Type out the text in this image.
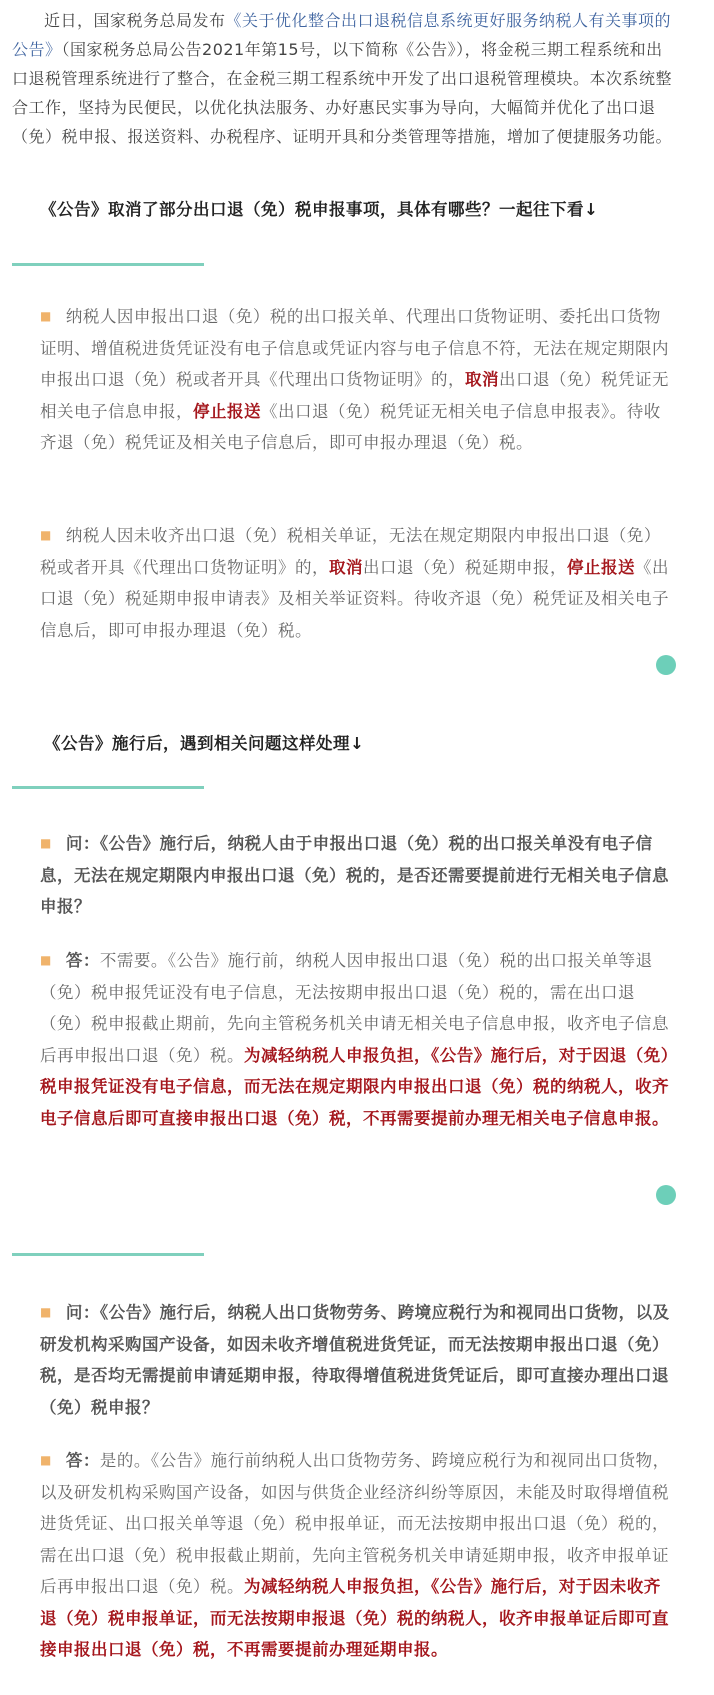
近日，国家税务总局发布《关于优化整合出口退税信息系统更好服务纳税人有关事项的公告》（国家税务总局公告2021年第15号，以下简称《公告》），将金税三期工程系统和出口退税管理系统进行了整合，在金税三期工程系统中开发了出口退税管理模块。本次系统整合工作，坚持为民便民，以优化执法服务、办好惠民实事为导向，大幅简并优化了出口退（免）税申报、报送资料、办税程序、证明开具和分类管理等措施，增加了便捷服务功能。
《公告》取消了部分出口退（免）税申报事项，具体有哪些？一起往下看↓
■ 纳税人因申报出口退（免）税的出口报关单、代理出口货物证明、委托出口货物证明、增值税进货凭证没有电子信息或凭证内容与电子信息不符，无法在规定期限内申报出口退（免）税或者开具《代理出口货物证明》的，取消出口退（免）税凭证无相关电子信息申报，停止报送《出口退（免）税凭证无相关电子信息申报表》。待收齐退（免）税凭证及相关电子信息后，即可申报办理退（免）税。
■ 纳税人因未收齐出口退（免）税相关单证，无法在规定期限内申报出口退（免）税或者开具《代理出口货物证明》的，取消出口退（免）税延期申报，停止报送《出口退（免）税延期申报申请表》及相关举证资料。待收齐退（免）税凭证及相关电子信息后，即可申报办理退（免）税。
《公告》施行后，遇到相关问题这样处理↓
■ 问：《公告》施行后，纳税人由于申报出口退（免）税的出口报关单没有电子信息，无法在规定期限内申报出口退（免）税的，是否还需要提前进行无相关电子信息申报？
■ 答：不需要。《公告》施行前，纳税人因申报出口退（免）税的出口报关单等退（免）税申报凭证没有电子信息，无法按期申报出口退（免）税的，需在出口退（免）税申报截止期前，先向主管税务机关申请无相关电子信息申报，收齐电子信息后再申报出口退（免）税。为减轻纳税人申报负担，《公告》施行后，对于因退（免）税申报凭证没有电子信息，而无法在规定期限内申报出口退（免）税的纳税人，收齐电子信息后即可直接申报出口退（免）税，不再需要提前办理无相关电子信息申报。
■ 问：《公告》施行后，纳税人出口货物劳务、跨境应税行为和视同出口货物，以及研发机构采购国产设备，如因未收齐增值税进货凭证，而无法按期申报出口退（免）税，是否均无需提前申请延期申报，待取得增值税进货凭证后，即可直接办理出口退（免）税申报？
■ 答：是的。《公告》施行前纳税人出口货物劳务、跨境应税行为和视同出口货物，以及研发机构采购国产设备，如因与供货企业经济纠纷等原因，未能及时取得增值税进货凭证、出口报关单等退（免）税申报单证，而无法按期申报出口退（免）税的，需在出口退（免）税申报截止期前，先向主管税务机关申请延期申报，收齐申报单证后再申报出口退（免）税。为减轻纳税人申报负担，《公告》施行后，对于因未收齐退（免）税申报单证，而无法按期申报退（免）税的纳税人，收齐申报单证后即可直接申报出口退（免）税，不再需要提前办理延期申报。
